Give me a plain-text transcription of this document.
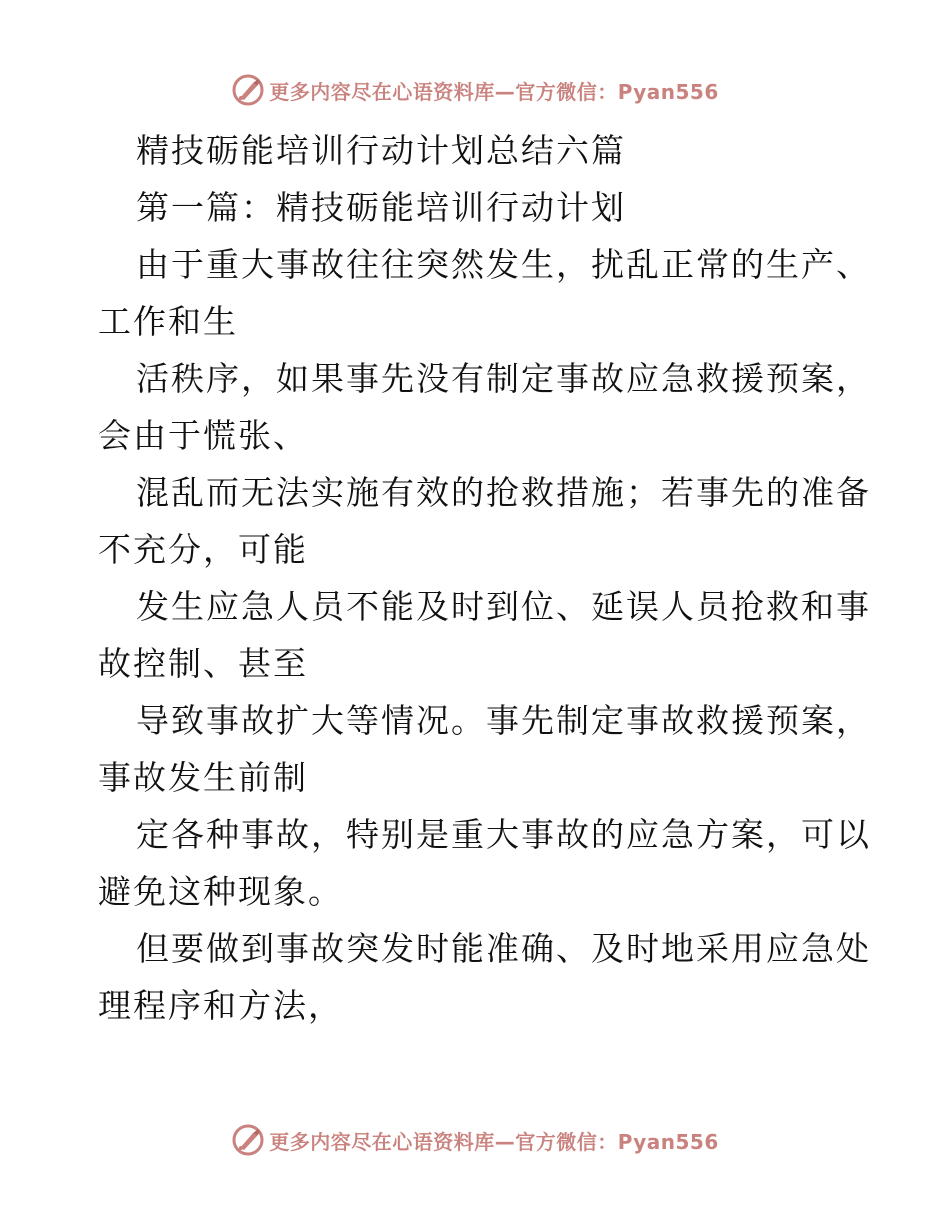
更多内容尽在心语资料库—官方微信：Pyan556
精技砺能培训行动计划总结六篇
第一篇：精技砺能培训行动计划
由于重大事故往往突然发生，扰乱正常的生产、
工作和生
活秩序，如果事先没有制定事故应急救援预案，
会由于慌张、
混乱而无法实施有效的抢救措施；若事先的准备
不充分，可能
发生应急人员不能及时到位、延误人员抢救和事
故控制、甚至
导致事故扩大等情况。事先制定事故救援预案，
事故发生前制
定各种事故，特别是重大事故的应急方案，可以
避免这种现象。
但要做到事故突发时能准确、及时地采用应急处
理程序和方法，
更多内容尽在心语资料库—官方微信：Pyan556
